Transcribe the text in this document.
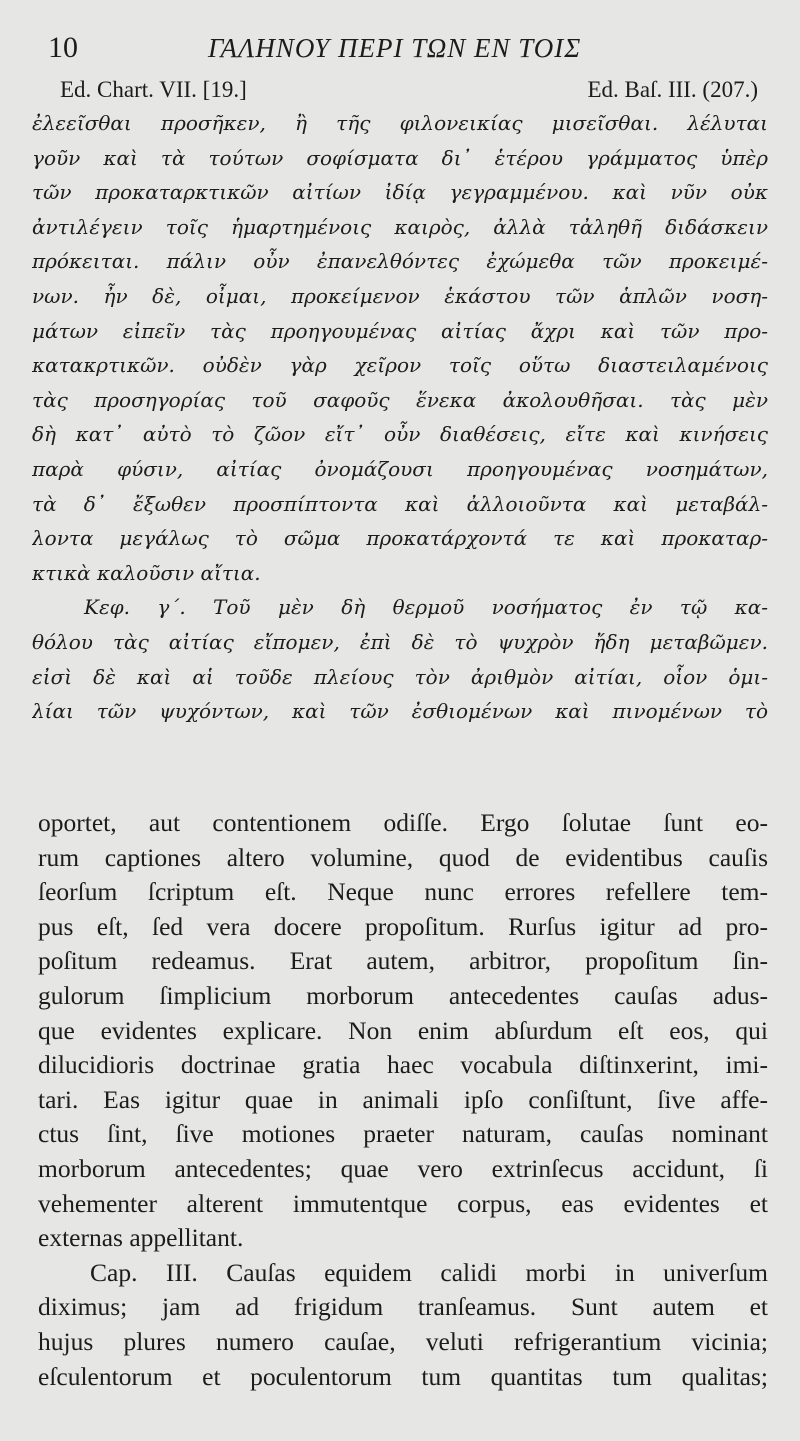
10	ΓΑΛΗΝΟΥ ΠΕΡΙ ΤΩΝ ΕΝ ΤΟΙΣ
Ed. Chart. VII. [19.]	Ed. Baſ. III. (207.)
ἐλεεῖσθαι προσῆκεν, ἢ τῆς φιλονεικίας μισεῖσθαι. λέλυται
γοῦν καὶ τὰ τούτων σοφίσματα δι᾽ ἑτέρου γράμματος ὑπὲρ
τῶν προκαταρκτικῶν αἰτίων ἰδίᾳ γεγραμμένου. καὶ νῦν οὐκ
ἀντιλέγειν τοῖς ἡμαρτημένοις καιρὸς, ἀλλὰ τἀληθῆ διδάσκειν
πρόκειται. πάλιν οὖν ἐπανελθόντες ἐχώμεθα τῶν προκειμέ-
νων. ἦν δὲ, οἶμαι, προκείμενον ἑκάστου τῶν ἁπλῶν νοση-
μάτων εἰπεῖν τὰς προηγουμένας αἰτίας ἄχρι καὶ τῶν προ-
κατακρτικῶν. οὐδὲν γὰρ χεῖρον τοῖς οὕτω διαστειλαμένοις
τὰς προσηγορίας τοῦ σαφοῦς ἕνεκα ἀκολουθῆσαι. τὰς μὲν
δὴ κατ᾽ αὐτὸ τὸ ζῶον εἴτ᾽ οὖν διαθέσεις, εἴτε καὶ κινήσεις
παρὰ φύσιν, αἰτίας ὀνομάζουσι προηγουμένας νοσημάτων,
τὰ δ᾽ ἔξωθεν προσπίπτοντα καὶ ἀλλοιοῦντα καὶ μεταβάλ-
λοντα μεγάλως τὸ σῶμα προκατάρχοντά τε καὶ προκαταρ-
κτικὰ καλοῦσιν αἴτια.
Κεφ. γ΄. Τοῦ μὲν δὴ θερμοῦ νοσήματος ἐν τῷ κα-
θόλου τὰς αἰτίας εἴπομεν, ἐπὶ δὲ τὸ ψυχρὸν ἤδη μεταβῶμεν.
εἰσὶ δὲ καὶ αἱ τοῦδε πλείους τὸν ἀριθμὸν αἰτίαι, οἷον ὁμι-
λίαι τῶν ψυχόντων, καὶ τῶν ἐσθιομένων καὶ πινομένων τὸ
oportet, aut contentionem odiſſe. Ergo ſolutae ſunt eo-
rum captiones altero volumine, quod de evidentibus cauſis
ſeorſum ſcriptum eſt. Neque nunc errores refellere tem-
pus eſt, ſed vera docere propoſitum. Rurſus igitur ad pro-
poſitum redeamus. Erat autem, arbitror, propoſitum ſin-
gulorum ſimplicium morborum antecedentes cauſas adus-
que evidentes explicare. Non enim abſurdum eſt eos, qui
dilucidioris doctrinae gratia haec vocabula diſtinxerint, imi-
tari. Eas igitur quae in animali ipſo conſiſtunt, ſive affe-
ctus ſint, ſive motiones praeter naturam, cauſas nominant
morborum antecedentes; quae vero extrinſecus accidunt, ſi
vehementer alterent immutentque corpus, eas evidentes et
externas appellitant.
Cap. III. Cauſas equidem calidi morbi in univerſum
diximus; jam ad frigidum tranſeamus. Sunt autem et
hujus plures numero cauſae, veluti refrigerantium vicinia;
eſculentorum et poculentorum tum quantitas tum qualitas;
